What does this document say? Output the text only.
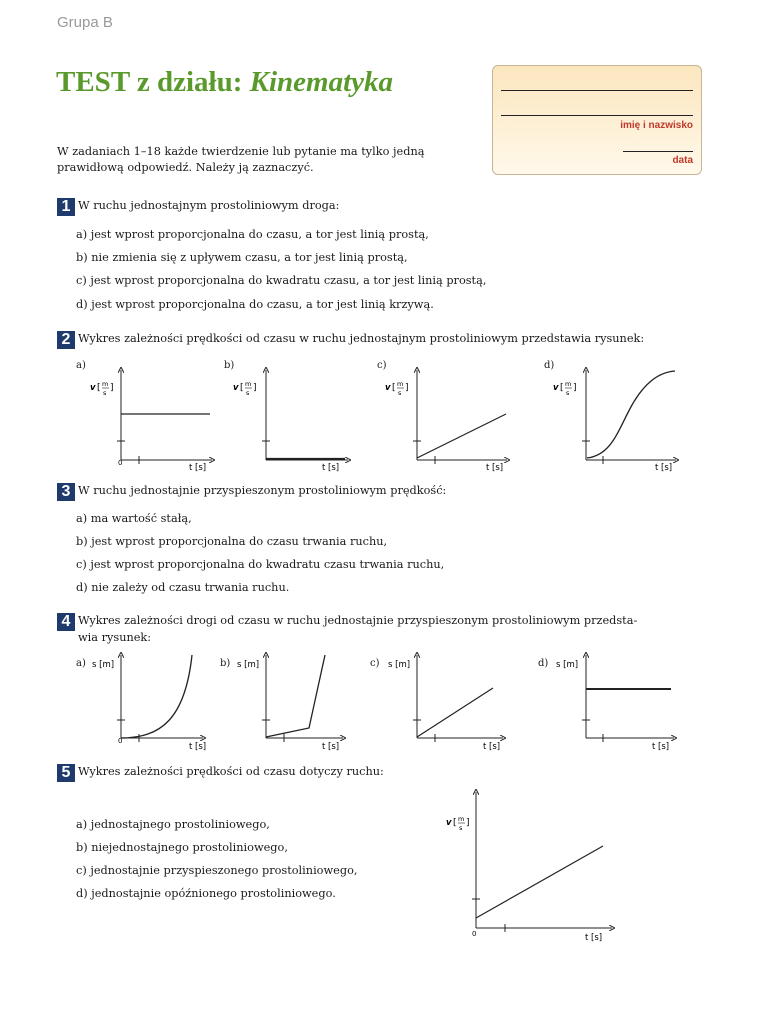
Grupa B
TEST z działu: Kinematyka
imię i nazwisko
data
W zadaniach 1–18 każde twierdzenie lub pytanie ma tylko jedną prawidłową odpowiedź. Należy ją zaznaczyć.
1 W ruchu jednostajnym prostoliniowym droga:
a) jest wprost proporcjonalna do czasu, a tor jest linią prostą,
b) nie zmienia się z upływem czasu, a tor jest linią prostą,
c) jest wprost proporcjonalna do kwadratu czasu, a tor jest linią prostą,
d) jest wprost proporcjonalna do czasu, a tor jest linią krzywą.
2 Wykres zależności prędkości od czasu w ruchu jednostajnym prostoliniowym przedstawia rysunek:
a)	b)	c)	d)
v [ m
s ]
0	t [s]
v [ m
s ]
t [s]
v [ m
s ]
t [s]
v [ m
s ]
t [s]
s [m]
0
t [s]
s [m]
t [s]
s [m]
t [s]
s [m]
t [s]
v [ m
s ]
0	t [s]
3 W ruchu jednostajnie przyspieszonym prostoliniowym prędkość:
a) ma wartość stałą,
b) jest wprost proporcjonalna do czasu trwania ruchu,
c) jest wprost proporcjonalna do kwadratu czasu trwania ruchu,
d) nie zależy od czasu trwania ruchu.
4 Wykres zależności drogi od czasu w ruchu jednostajnie przyspieszonym prostoliniowym przedsta-
wia rysunek:
a)	b)	c)	d)
5 Wykres zależności prędkości od czasu dotyczy ruchu:
a) jednostajnego prostoliniowego,
b) niejednostajnego prostoliniowego,
c) jednostajnie przyspieszonego prostoliniowego,
d) jednostajnie opóźnionego prostoliniowego.
